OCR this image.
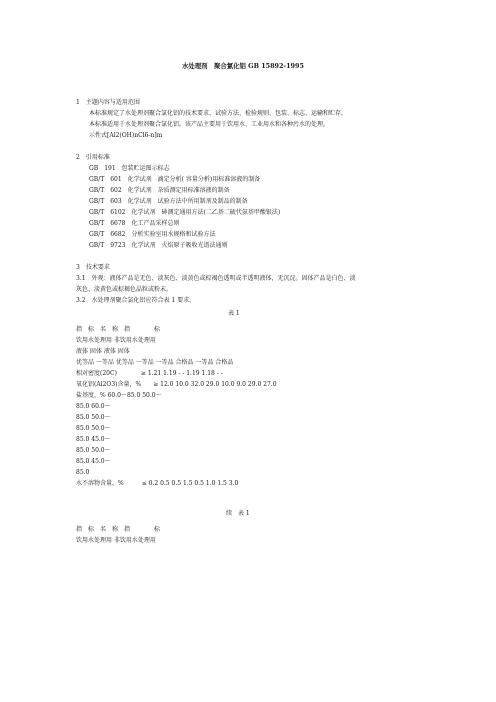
水处理剂　聚合氯化铝 GB 15892-1995
1　主题内容与适用范围
本标准规定了水处理剂聚合氯化铝的技术要求、试验方法、检验规则、包装、标志、运输和贮存。
本标准适用于水处理剂聚合氯化铝。该产品主要用于饮用水、工业用水和各种污水的处理。
示性式[Al2(OH)nCl6-n]m
2　引用标准
GB　191　包装贮运图示标志
GB/T　601　化学试剂　滴定分析( 容量分析)用标准溶液的制备
GB/T　602　化学试剂　杂质测定用标准溶液的制备
GB/T　603　化学试剂　试验方法中所用制剂及制品的制备
GB/T　6102　化学试剂　砷测定通用方法(二乙基二硫代氨基甲酸银法)
GB/T　6678　化工产品采样总则
GB/T　6682　分析实验室用水规格和试验方法
GB/T　9723　化学试剂　火焰原子吸收光谱法通则
3　技术要求
3.1　外观：液体产品是无色、淡灰色、淡黄色或棕褐色透明或半透明液体，无沉淀。固体产品是白色、淡
灰色、淡黄色或棕褐色晶粒或粉末。
3.2　水处理剂聚合氯化铝应符合表 1 要求。
表 1
指　标　名　称　指　　　　标
饮用水处理用 非饮用水处理用
液体 固体 液体 固体
优等品 一等品 优等品 一等品 一等品 合格品 一等品 合格品
相对密度(20C)　　　　≥ 1.21 1.19 - - 1.19 1.18 - -
氧化铝(Al2O3)含量，%　　≥ 12.0 10.0 32.0 29.0 10.0 9.0 29.0 27.0
盐基度，% 60.0～85.0 50.0～
85.0 60.0～
85.0 50.0～
85.0 50.0～
85.0 45.0～
85.0 50.0～
85.0 45.0～
85.0
水不溶物含量，%　　　≤ 0.2 0.5 0.5 1.5 0.5 1.0 1.5 3.0
续　表 1
指　标　名　称　指　　　　标
饮用水处理用 非饮用水处理用
